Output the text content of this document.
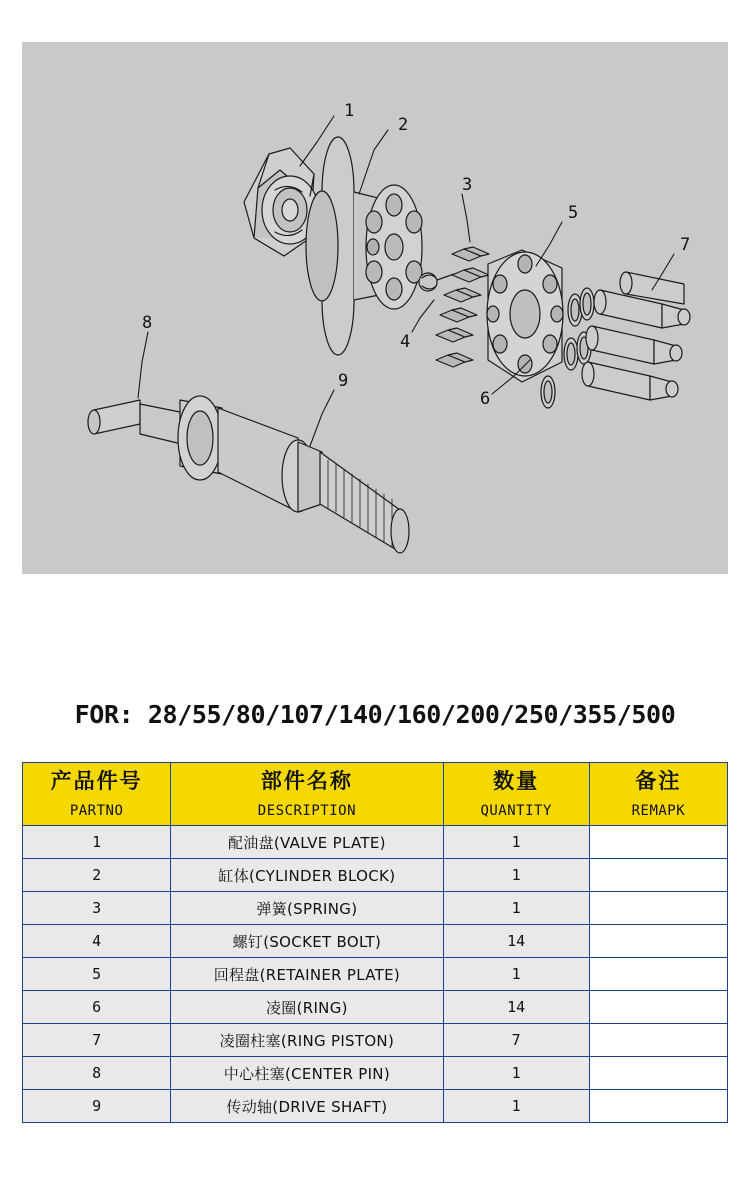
1
2
3
4
5
6
7
8
9
FOR: 28/55/80/107/140/160/200/250/355/500
产品件号	部件名称	数量	备注
PARTNO	DESCRIPTION	QUANTITY	REMAPK
1	配油盘(VALVE PLATE)	1	
2	缸体(CYLINDER BLOCK)	1	
3	弹簧(SPRING)	1	
4	螺钉(SOCKET BOLT)	14	
5	回程盘(RETAINER PLATE)	1	
6	凌圈(RING)	14	
7	凌圈柱塞(RING PISTON)	7	
8	中心柱塞(CENTER PIN)	1	
9	传动轴(DRIVE SHAFT)	1	
